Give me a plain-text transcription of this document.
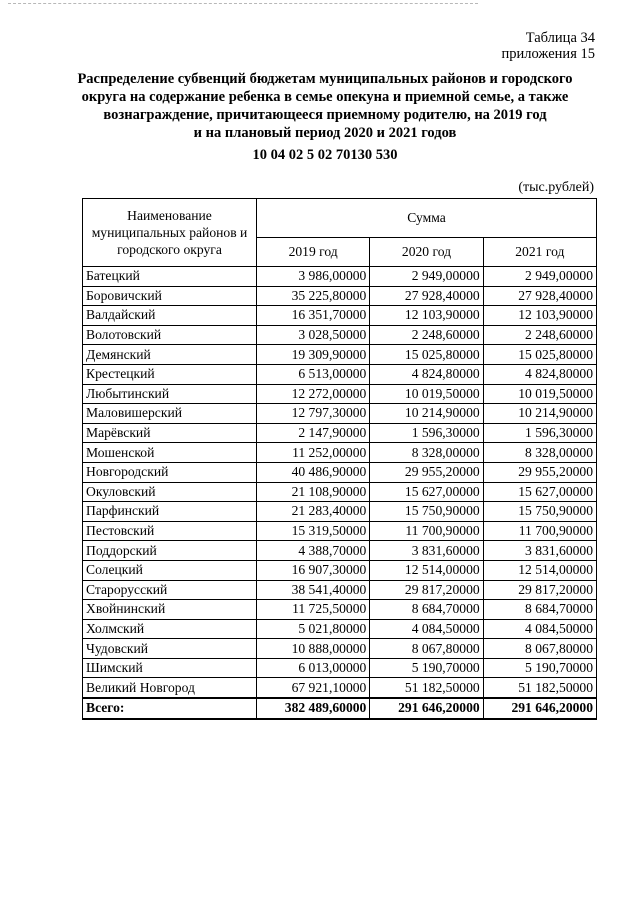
Таблица 34
приложения 15
Распределение субвенций бюджетам муниципальных районов и городского
округа на содержание ребенка в семье опекуна и приемной семье, а также
вознаграждение, причитающееся приемному родителю, на 2019 год
и на плановый период 2020 и 2021 годов
10 04 02 5 02 70130 530
(тыс.рублей)
Наименование муниципальных районов и городского округа	Сумма		
	2019 год	2020 год	2021 год
Батецкий	3 986,00000	2 949,00000	2 949,00000
Боровичский	35 225,80000	27 928,40000	27 928,40000
Валдайский	16 351,70000	12 103,90000	12 103,90000
Волотовский	3 028,50000	2 248,60000	2 248,60000
Демянский	19 309,90000	15 025,80000	15 025,80000
Крестецкий	6 513,00000	4 824,80000	4 824,80000
Любытинский	12 272,00000	10 019,50000	10 019,50000
Маловишерский	12 797,30000	10 214,90000	10 214,90000
Марёвский	2 147,90000	1 596,30000	1 596,30000
Мошенской	11 252,00000	8 328,00000	8 328,00000
Новгородский	40 486,90000	29 955,20000	29 955,20000
Окуловский	21 108,90000	15 627,00000	15 627,00000
Парфинский	21 283,40000	15 750,90000	15 750,90000
Пестовский	15 319,50000	11 700,90000	11 700,90000
Поддорский	4 388,70000	3 831,60000	3 831,60000
Солецкий	16 907,30000	12 514,00000	12 514,00000
Старорусский	38 541,40000	29 817,20000	29 817,20000
Хвойнинский	11 725,50000	8 684,70000	8 684,70000
Холмский	5 021,80000	4 084,50000	4 084,50000
Чудовский	10 888,00000	8 067,80000	8 067,80000
Шимский	6 013,00000	5 190,70000	5 190,70000
Великий Новгород	67 921,10000	51 182,50000	51 182,50000
Всего:	382 489,60000	291 646,20000	291 646,20000
